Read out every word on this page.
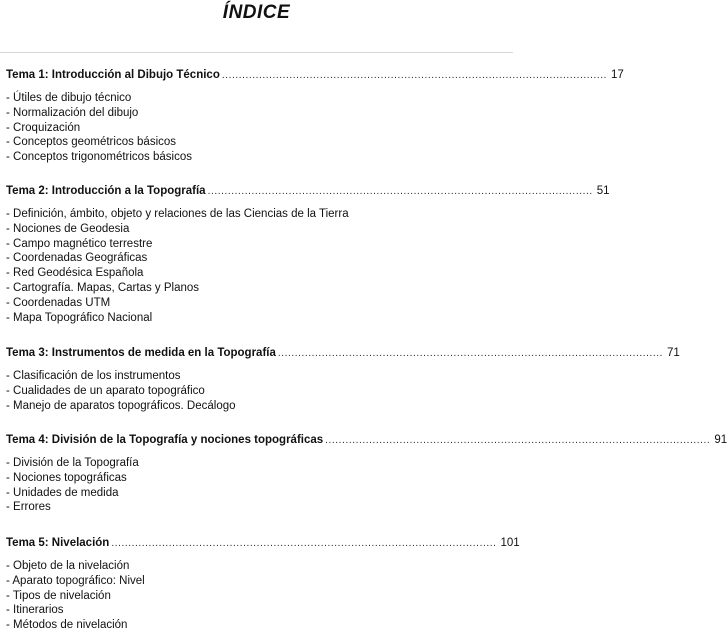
ÍNDICE
Tema 1: Introducción al Dibujo Técnico .................................................................................................................. 17
- Útiles de dibujo técnico
- Normalización del dibujo
- Croquización
- Conceptos geométricos básicos
- Conceptos trigonométricos básicos
Tema 2: Introducción a la Topografía .................................................................................................................. 51
- Definición, ámbito, objeto y relaciones de las Ciencias de la Tierra
- Nociones de Geodesia
- Campo magnético terrestre
- Coordenadas Geográficas
- Red Geodésica Española
- Cartografía. Mapas, Cartas y Planos
- Coordenadas UTM
- Mapa Topográfico Nacional
Tema 3: Instrumentos de medida en la Topografía .................................................................................................................. 71
- Clasificación de los instrumentos
- Cualidades de un aparato topográfico
- Manejo de aparatos topográficos. Decálogo
Tema 4: División de la Topografía y nociones topográficas .................................................................................................................. 91
- División de la Topografía
- Nociones topográficas
- Unidades de medida
- Errores
Tema 5: Nivelación .................................................................................................................. 101
- Objeto de la nivelación
- Aparato topográfico: Nivel
- Tipos de nivelación
- Itinerarios
- Métodos de nivelación
